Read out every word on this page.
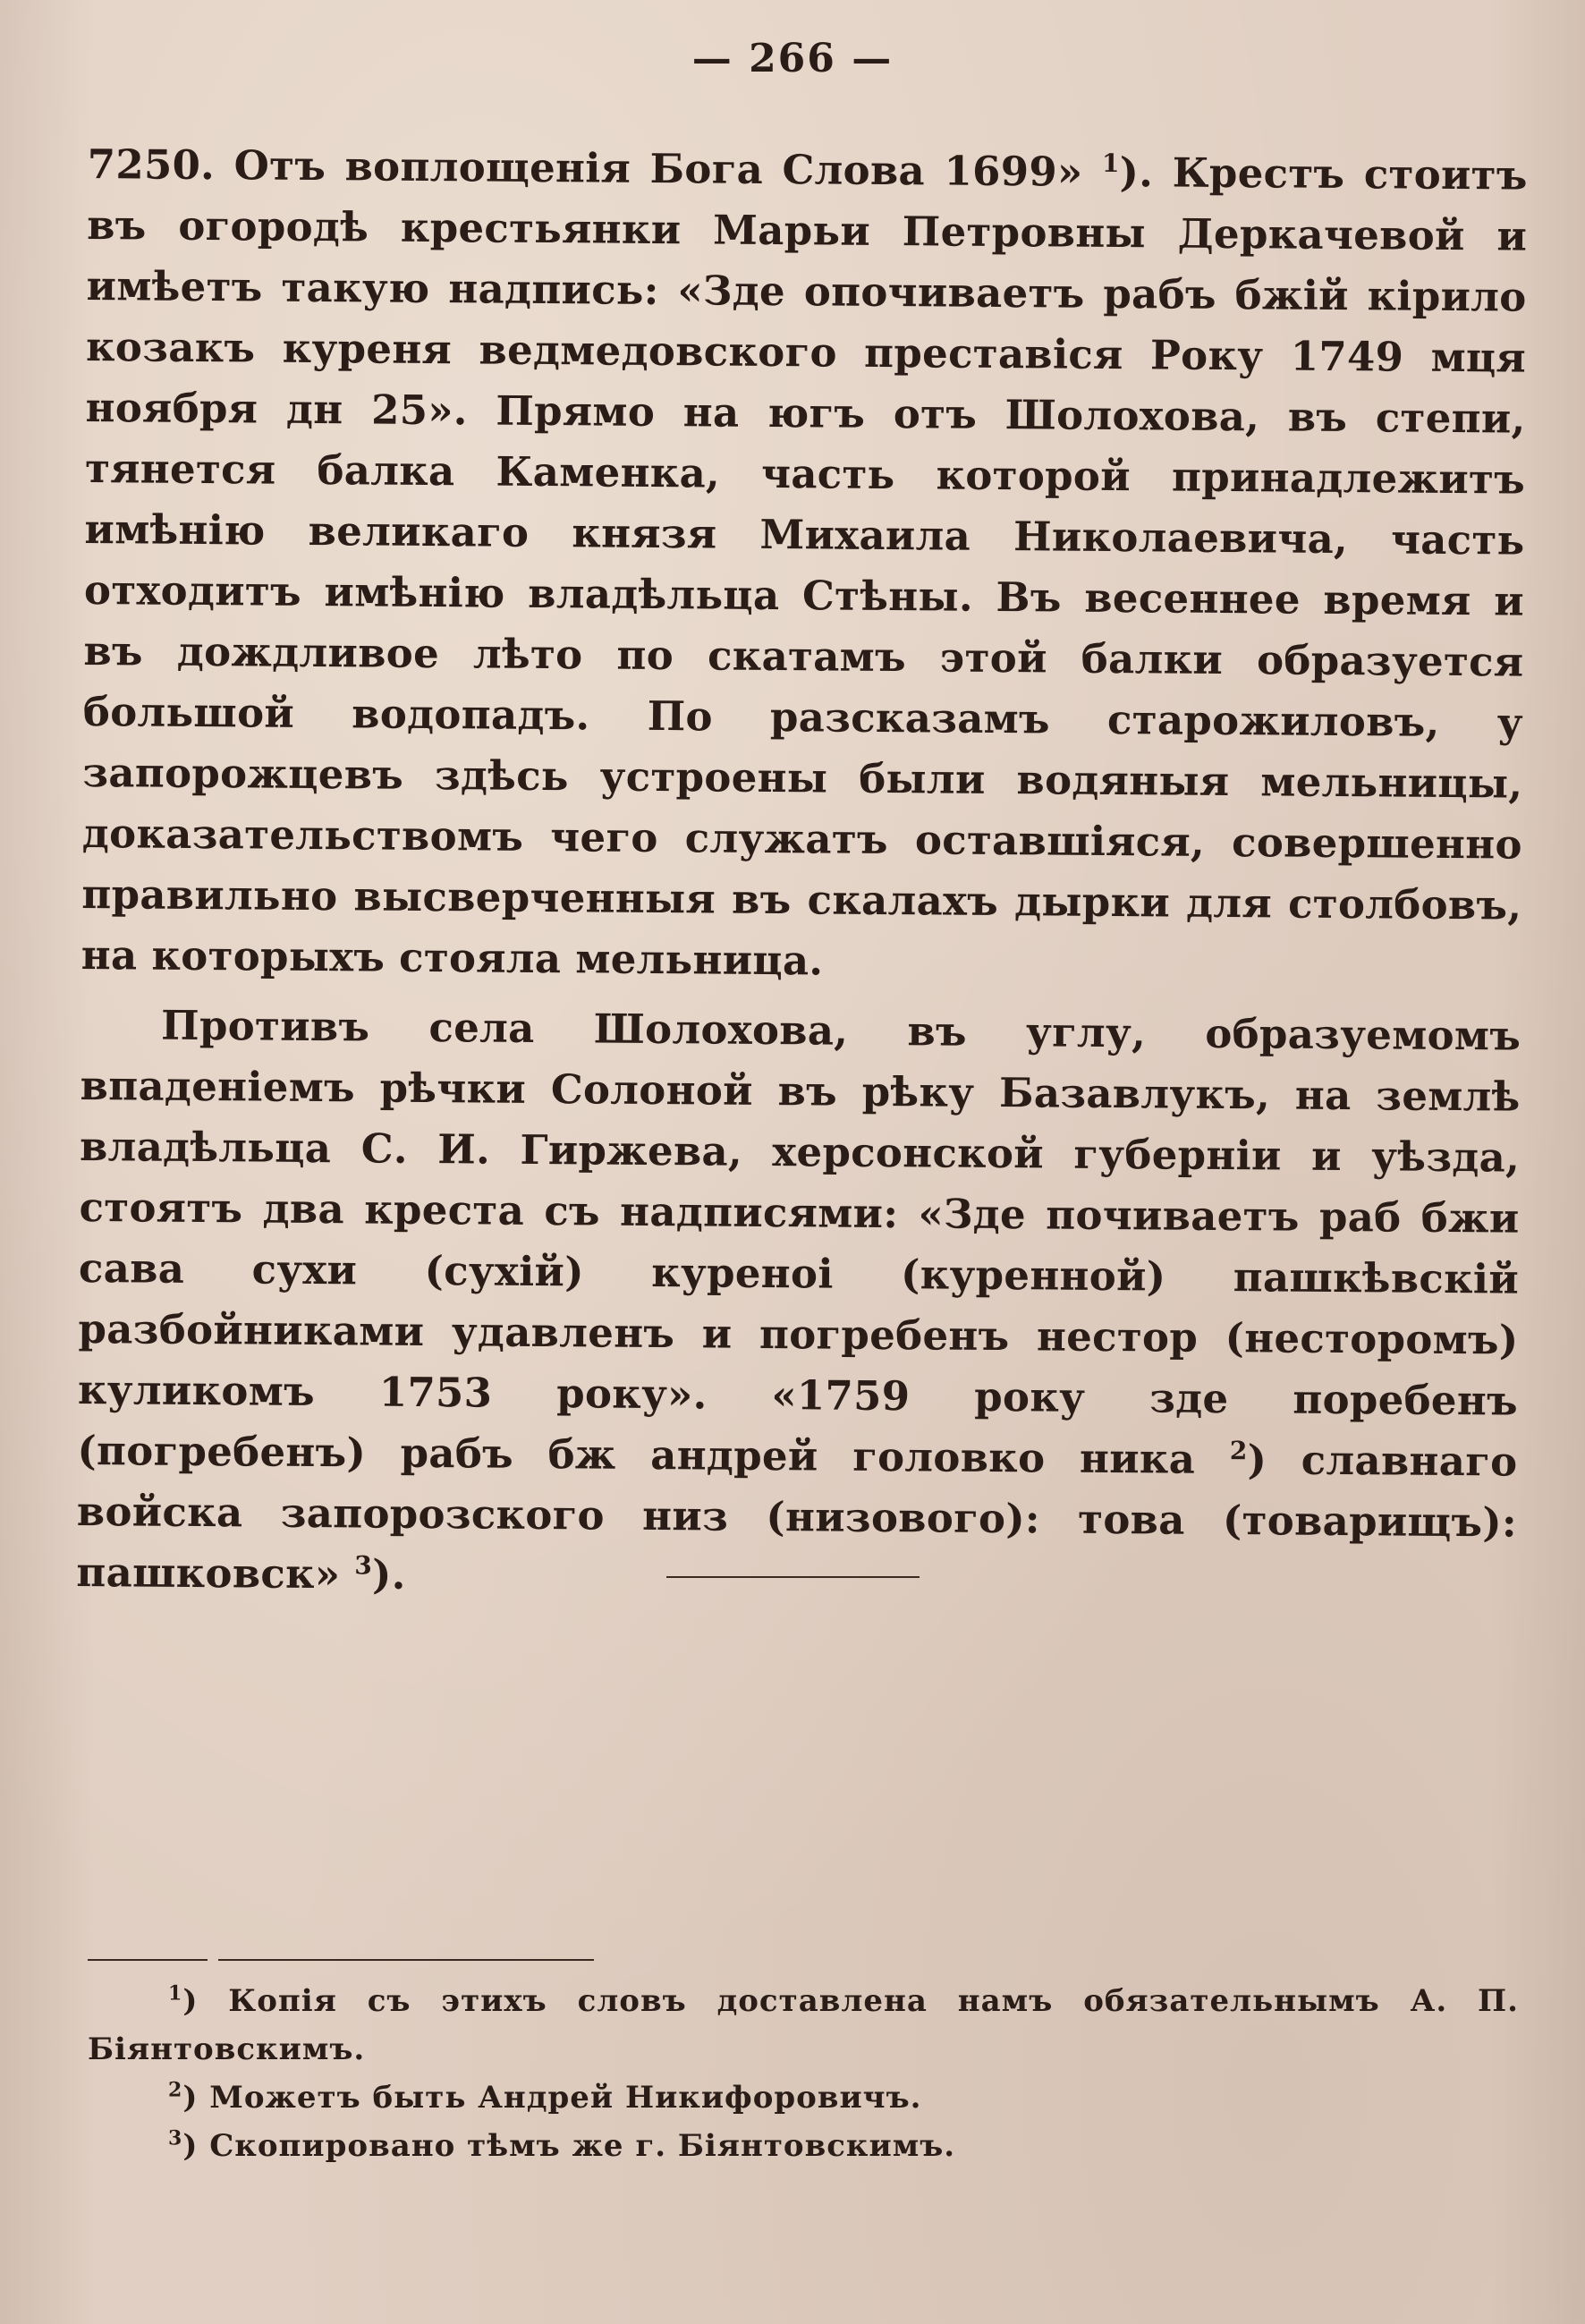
— 266 —

7250. Отъ воплощенія Бога Слова 1699» $^1$). Крестъ стоитъ въ огородѣ крестьянки Марьи Петровны Деркачевой и имѣетъ такую надпись: «Зде опочиваетъ рабъ бжій кірило козакъ куреня ведмедовского преставіся Року 1749 мця ноября дн 25». Прямо на югъ отъ Шолохова, въ степи, тянется балка Каменка, часть которой принадлежитъ имѣнію великаго князя Михаила Николаевича, часть отходитъ имѣнію владѣльца Стѣны. Въ весеннее время и въ дождливое лѣто по скатамъ этой балки образуется большой водопадъ. По разсказамъ старожиловъ, у запорожцевъ здѣсь устроены были водяныя мельницы, доказательствомъ чего служатъ оставшіяся, совершенно правильно высверченныя въ скалахъ дырки для столбовъ, на которыхъ стояла мельница.

Противъ села Шолохова, въ углу, образуемомъ впаденіемъ рѣчки Солоной въ рѣку Базавлукъ, на землѣ владѣльца С. И. Гиржева, херсонской губерніи и уѣзда, стоятъ два креста съ надписями: «Зде почиваетъ раб бжи сава сухи (сухій) куреноi (куренной) пашкѣвскій разбойниками удавленъ и погребенъ нестор (несторомъ) куликомъ 1753 року». «1759 року зде поребенъ (погребенъ) рабъ бж андрей головко ника $^2$) славнаго войска запорозского низ (низового): това (товарищъ): пашковск» $^3$).

$^1$) Копія съ этихъ словъ доставлена намъ обязательнымъ А. П. Біянтовскимъ.

$^2$) Можетъ быть Андрей Никифоровичъ.

$^3$) Скопировано тѣмъ же г. Біянтовскимъ.
